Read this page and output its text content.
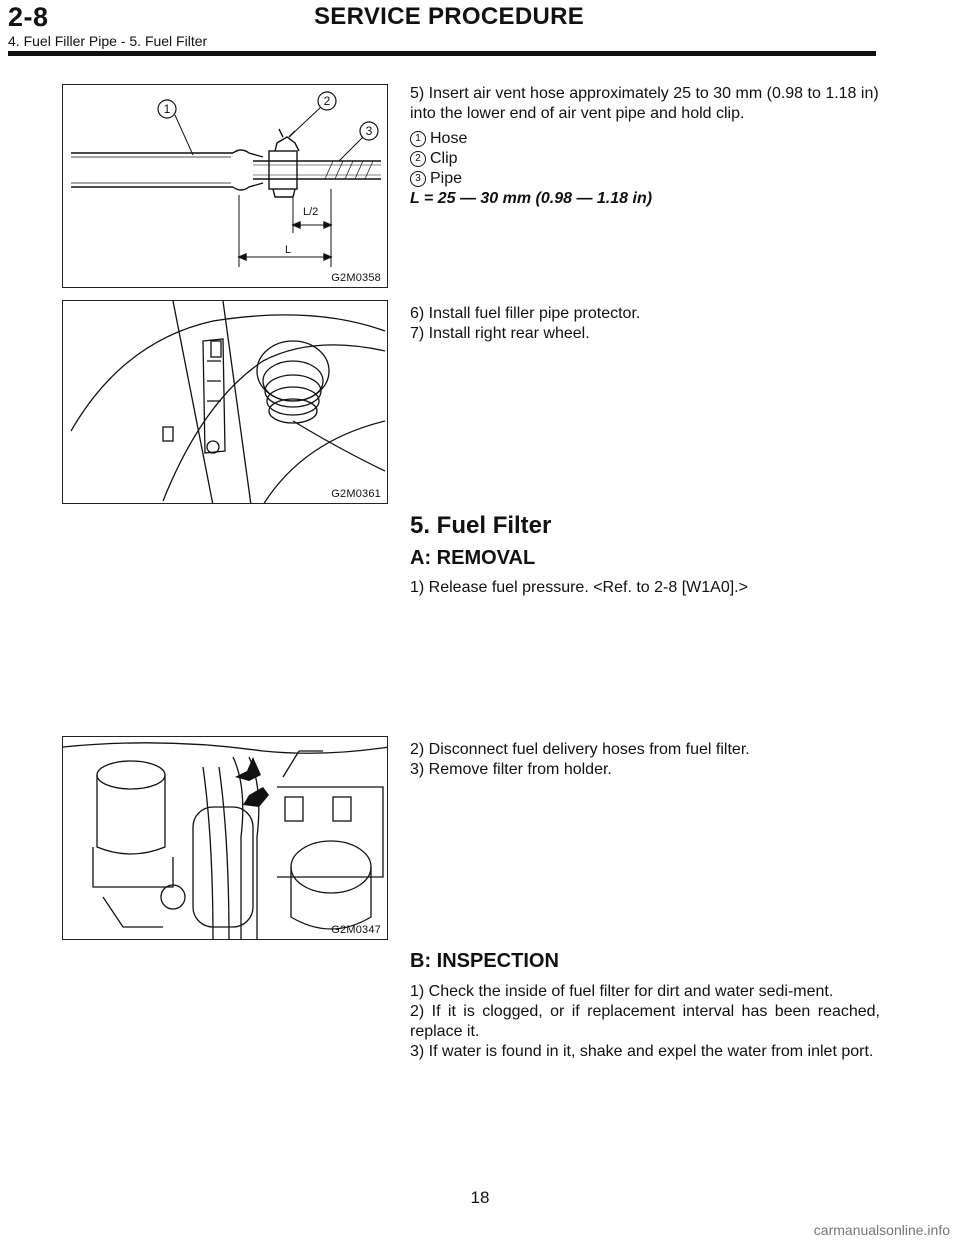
2-8	SERVICE PROCEDURE
4. Fuel Filler Pipe - 5. Fuel Filter
1
2
3
L/2
L
G2M0358

5) Insert air vent hose approximately 25 to 30 mm (0.98 to 1.18 in) into the lower end of air vent pipe and hold clip.

1 Hose

2 Clip

3 Pipe

L = 25 — 30 mm (0.98 — 1.18 in)

G2M0361

6) Install fuel filler pipe protector.

7) Install right rear wheel.

5. Fuel Filter
A: REMOVAL
1) Release fuel pressure. <Ref. to 2-8 [W1A0].>
G2M0347

2) Disconnect fuel delivery hoses from fuel filter.

3) Remove filter from holder.

B: INSPECTION

1) Check the inside of fuel filter for dirt and water sedi-ment.

2) If it is clogged, or if replacement interval has been reached, replace it.

3) If water is found in it, shake and expel the water from inlet port.

18
carmanualsonline.info
